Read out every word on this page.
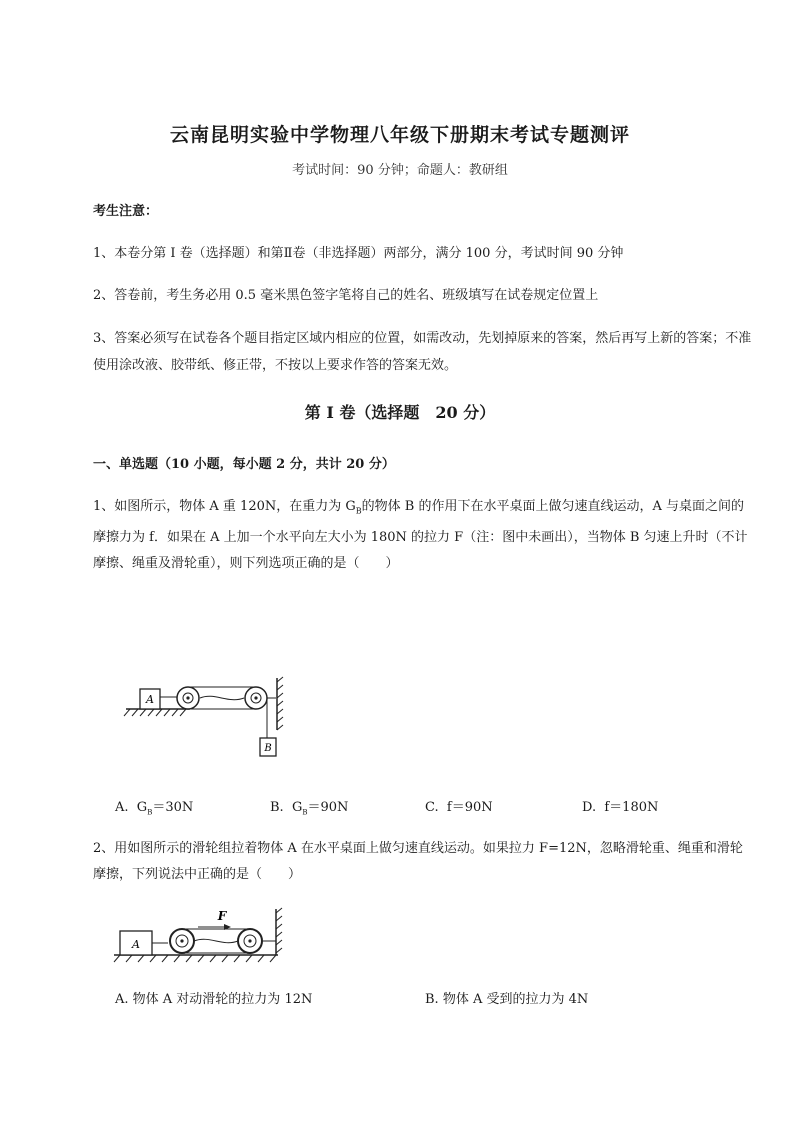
云南昆明实验中学物理八年级下册期末考试专题测评
考试时间：90 分钟；命题人：教研组
考生注意：
1、本卷分第 I 卷（选择题）和第Ⅱ卷（非选择题）两部分，满分 100 分，考试时间 90 分钟
2、答卷前，考生务必用 0.5 毫米黑色签字笔将自己的姓名、班级填写在试卷规定位置上
3、答案必须写在试卷各个题目指定区域内相应的位置，如需改动，先划掉原来的答案，然后再写上新的答案；不准使用涂改液、胶带纸、修正带，不按以上要求作答的答案无效。
第 I 卷（选择题　20 分）
一、单选题（10 小题，每小题 2 分，共计 20 分）
1、如图所示，物体 A 重 120N，在重力为 $G_B$的物体 B 的作用下在水平桌面上做匀速直线运动，A 与桌面之间的摩擦力为 f．如果在 A 上加一个水平向左大小为 180N 的拉力 F（注：图中未画出），当物体 B 匀速上升时（不计摩擦、绳重及滑轮重），则下列选项正确的是（　　）
A
B
A. $G_B=30N$	B. $G_B=90N$	C. f＝90N	D. f＝180N
2、用如图所示的滑轮组拉着物体 A 在水平桌面上做匀速直线运动。如果拉力 F=12N，忽略滑轮重、绳重和滑轮摩擦，下列说法中正确的是（　　）
A
F
A. 物体 A 对动滑轮的拉力为 12N	B. 物体 A 受到的拉力为 4N
